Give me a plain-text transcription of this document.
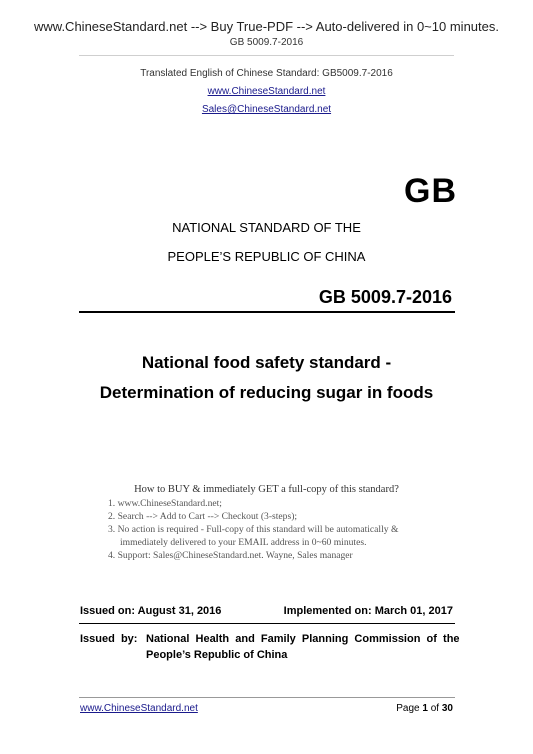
www.ChineseStandard.net --> Buy True-PDF --> Auto-delivered in 0~10 minutes.
GB 5009.7-2016
Translated English of Chinese Standard: GB5009.7-2016
www.ChineseStandard.net
Sales@ChineseStandard.net
GB
NATIONAL STANDARD OF THE
PEOPLE’S REPUBLIC OF CHINA
GB 5009.7-2016
National food safety standard -
Determination of reducing sugar in foods
How to BUY & immediately GET a full-copy of this standard?
1. www.ChineseStandard.net;
2. Search --> Add to Cart --> Checkout (3-steps);
3. No action is required - Full-copy of this standard will be automatically &
immediately delivered to your EMAIL address in 0~60 minutes.
4. Support: Sales@ChineseStandard.net. Wayne, Sales manager
Issued on: August 31, 2016	Implemented on: March 01, 2017
Issued  by: National  Health  and  Family  Planning  Commission  of  the
People’s Republic of China
www.ChineseStandard.net	Page 1 of 30
